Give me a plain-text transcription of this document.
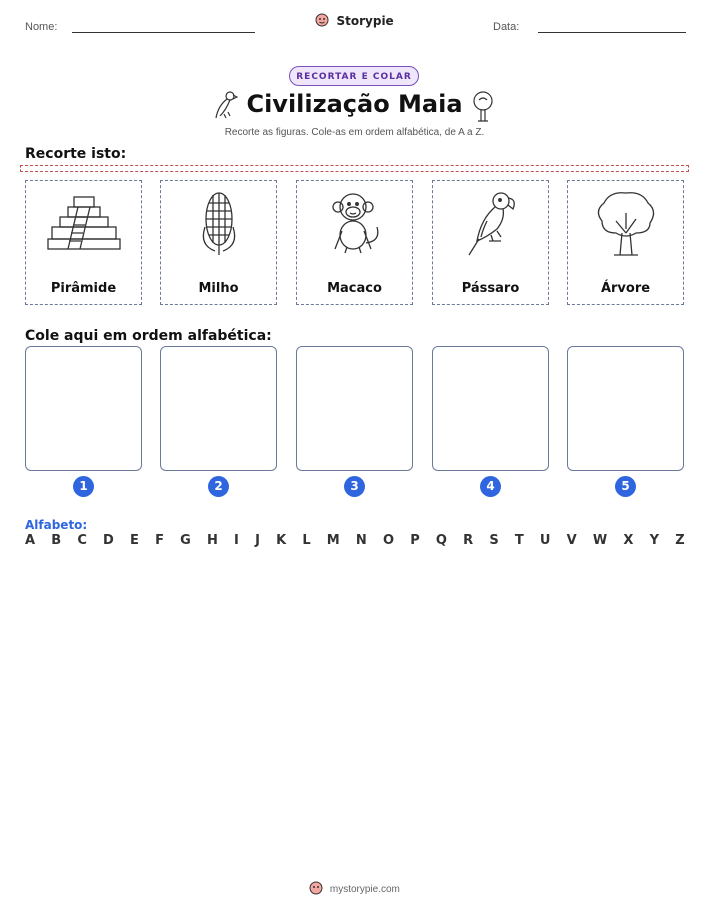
Nome:	Storypie	Data:
RECORTAR E COLAR
Civilização Maia
Recorte as figuras. Cole-as em ordem alfabética, de A a Z.
Recorte isto:
Pirâmide	Milho	Macaco	Pássaro	Árvore
Cole aqui em ordem alfabética:
1	2	3	4	5
Alfabeto:
A B C D E F G H I J K L M N O P Q R S T U V W X Y Z
mystorypie.com
